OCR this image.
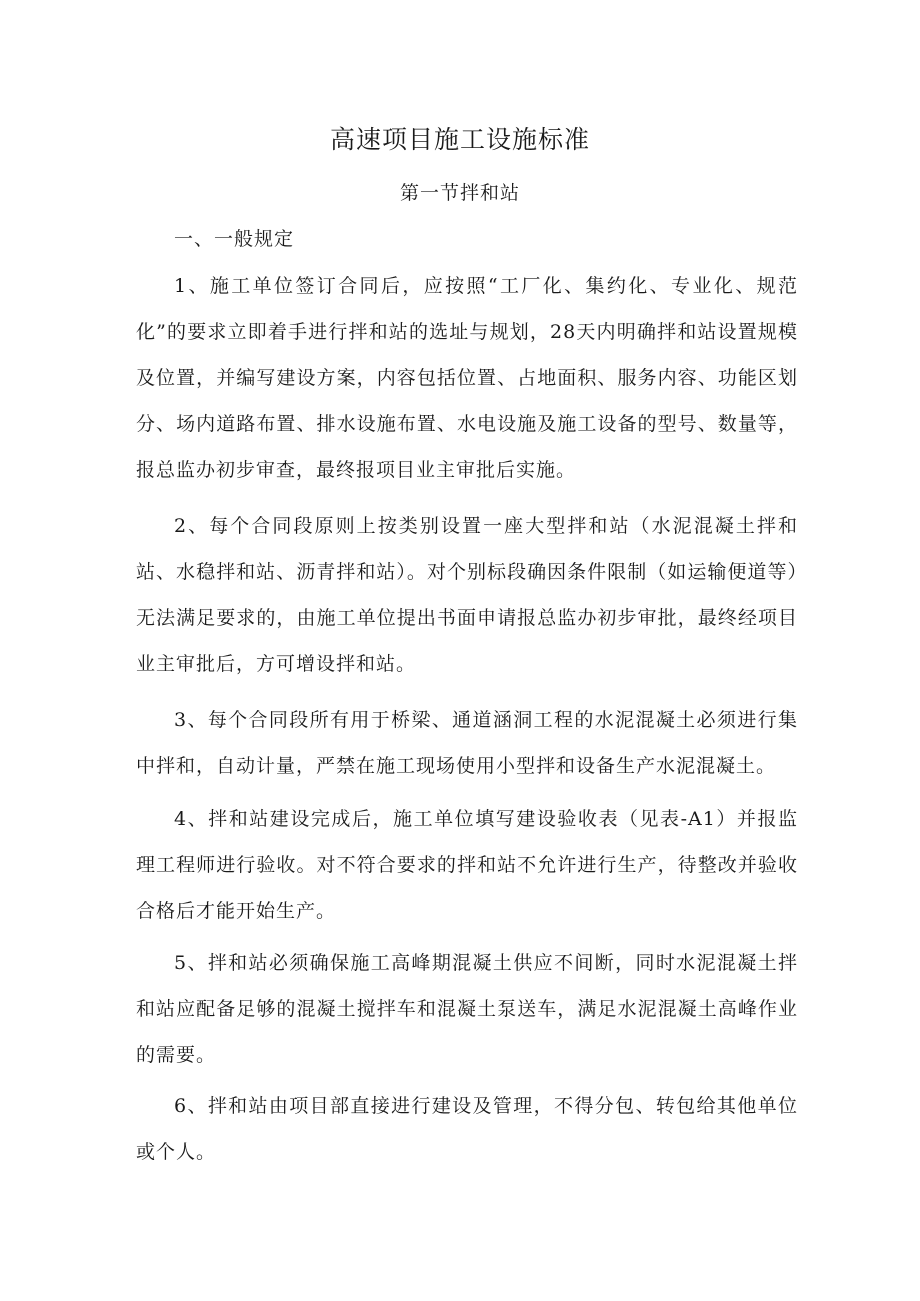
高速项目施工设施标准
第一节拌和站
一、一般规定

1、施工单位签订合同后，应按照“工厂化、集约化、专业化、规范化”的要求立即着手进行拌和站的选址与规划，28天内明确拌和站设置规模及位置，并编写建设方案，内容包括位置、占地面积、服务内容、功能区划分、场内道路布置、排水设施布置、水电设施及施工设备的型号、数量等，报总监办初步审查，最终报项目业主审批后实施。

2、每个合同段原则上按类别设置一座大型拌和站（水泥混凝土拌和站、水稳拌和站、沥青拌和站）。对个别标段确因条件限制（如运输便道等）无法满足要求的，由施工单位提出书面申请报总监办初步审批，最终经项目业主审批后，方可增设拌和站。

3、每个合同段所有用于桥梁、通道涵洞工程的水泥混凝土必须进行集中拌和，自动计量，严禁在施工现场使用小型拌和设备生产水泥混凝土。

4、拌和站建设完成后，施工单位填写建设验收表（见表-A1）并报监理工程师进行验收。对不符合要求的拌和站不允许进行生产，待整改并验收合格后才能开始生产。

5、拌和站必须确保施工高峰期混凝土供应不间断，同时水泥混凝土拌和站应配备足够的混凝土搅拌车和混凝土泵送车，满足水泥混凝土高峰作业的需要。

6、拌和站由项目部直接进行建设及管理，不得分包、转包给其他单位或个人。
